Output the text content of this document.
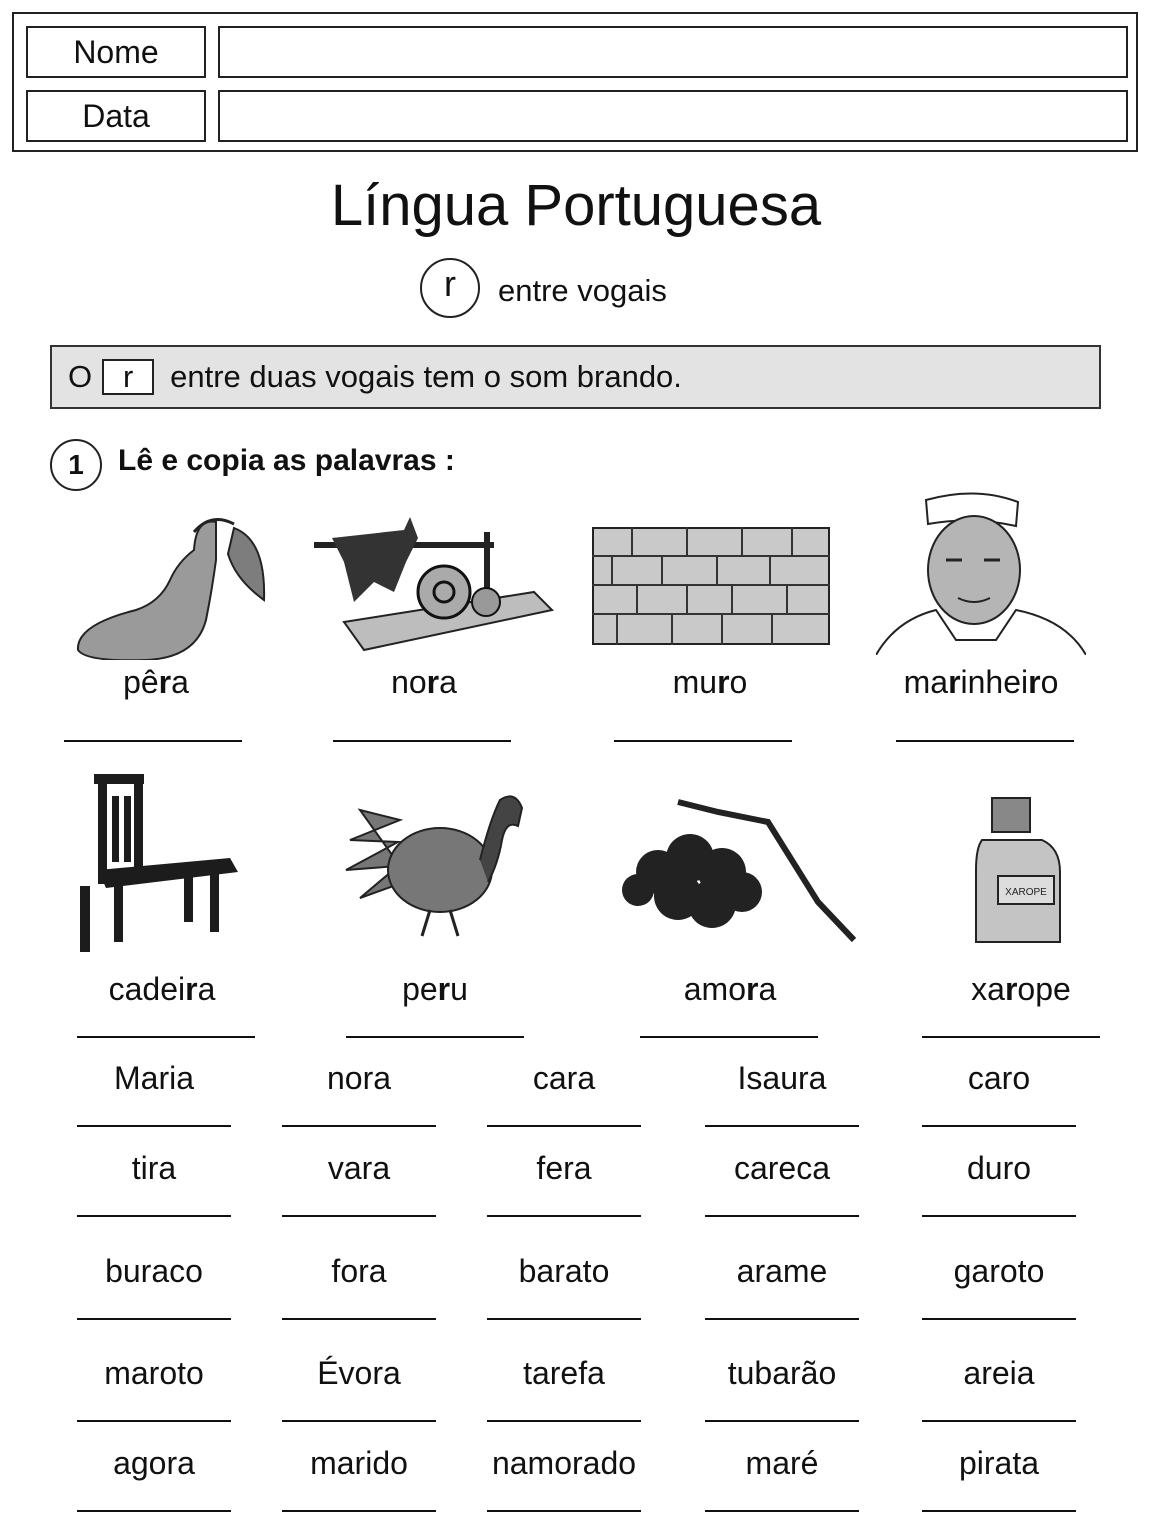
Nome
Data
Língua Portuguesa
r	entre vogais
O r	entre duas vogais tem o som brando.
1	Lê e copia as palavras :
pêra	nora	muro	marinheiro
XAROPE
cadeira	peru	amora	xarope
Maria	nora	cara	Isaura	caro
tira	vara	fera	careca	duro
buraco	fora	barato	arame	garoto
maroto	Évora	tarefa	tubarão	areia
agora	marido	namorado	maré	pirata
